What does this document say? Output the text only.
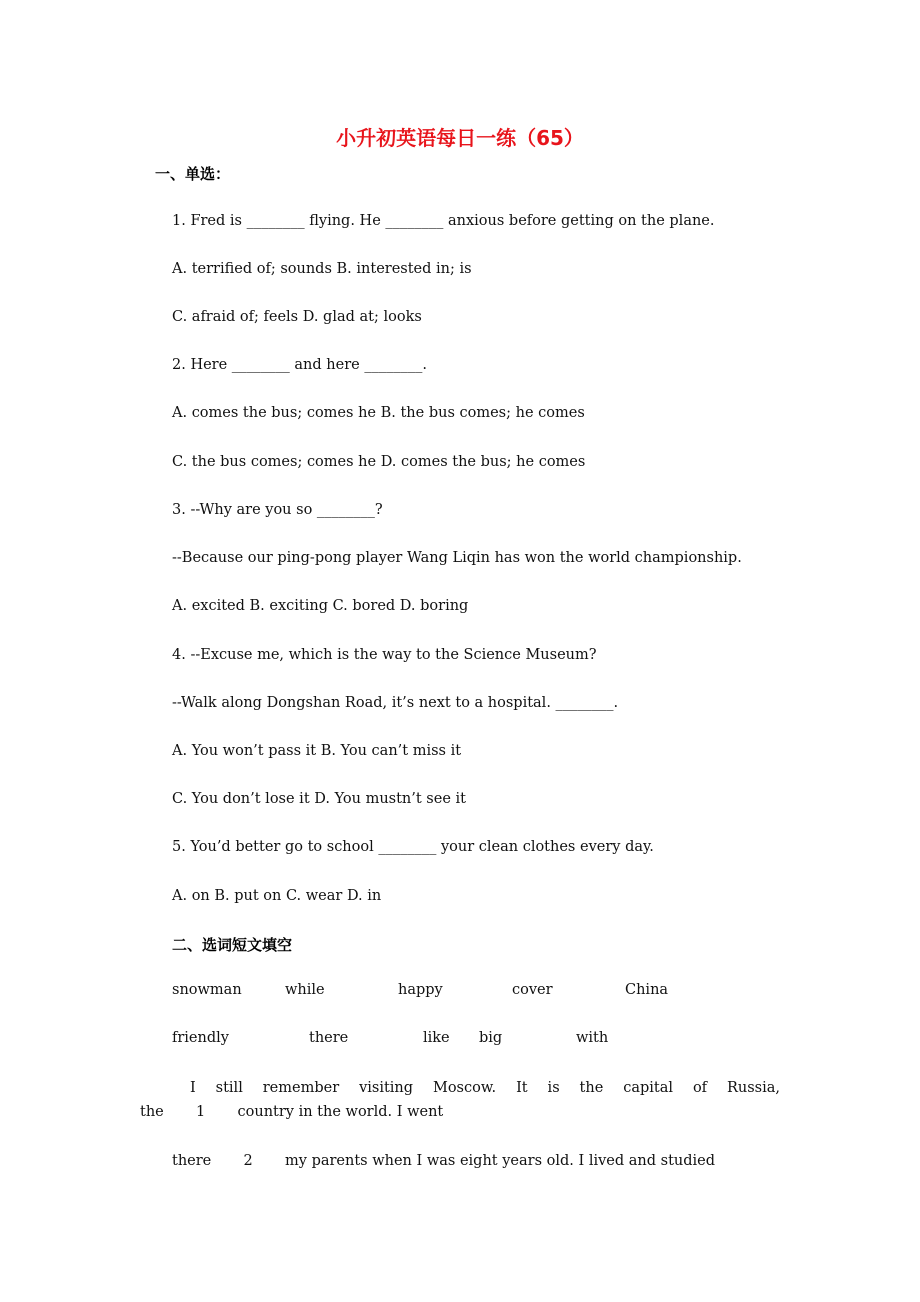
小升初英语每日一练（65）
一、单选：
1. Fred is ________ flying. He ________ anxious before getting on the plane.
A. terrified of; sounds B. interested in; is
C. afraid of; feels D. glad at; looks
2. Here ________ and here ________.
A. comes the bus; comes he B. the bus comes; he comes
C. the bus comes; comes he D. comes the bus; he comes
3. --Why are you so ________?
--Because our ping-pong player Wang Liqin has won the world championship.
A. excited B. exciting C. bored D. boring
4. --Excuse me, which is the way to the Science Museum?
--Walk along Dongshan Road, it’s next to a hospital. ________.
A. You won’t pass it B. You can’t miss it
C. You don’t lose it D. You mustn’t see it
5. You’d better go to school ________ your clean clothes every day.
A. on B. put on C. wear D. in
二、选词短文填空
snowman	while	happy	cover	China
friendly	there	like big	with
I still remember visiting Moscow. It is the capital of Russia,
the       1       country in the world. I went
there       2       my parents when I was eight years old. I lived and studied
